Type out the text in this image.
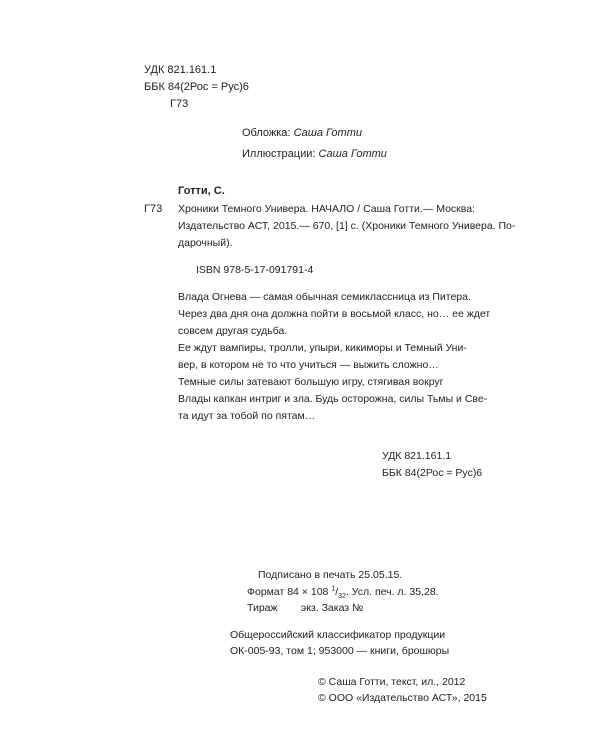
УДК 821.161.1
ББК 84(2Рос = Рус)6
Г73
Обложка: Саша Готти
Иллюстрации: Саша Готти
Готти, С.
Г73 Хроники Темного Универа. НАЧАЛО / Саша Готти.— Москва:
Издательство АСТ, 2015.— 670, [1] с. (Хроники Темного Универа. По-
дарочный).
ISBN 978-5-17-091791-4
Влада Огнева — самая обычная семиклассница из Питера.
Через два дня она должна пойти в восьмой класс, но… ее ждет
совсем другая судьба.
Ее ждут вампиры, тролли, упыри, кикиморы и Темный Уни-
вер, в котором не то что учиться — выжить сложно…
Темные силы затевают большую игру, стягивая вокруг
Влады капкан интриг и зла. Будь осторожна, силы Тьмы и Све-
та идут за тобой по пятам…
УДК 821.161.1
ББК 84(2Рос = Рус)6
Подписано в печать 25.05.15.
Формат 84 × 108 $^1/_{32}$. Усл. печ. л. 35,28.
Тираж        экз. Заказ №
Общероссийский классификатор продукции
ОК-005-93, том 1; 953000 — книги, брошюры
© Саша Готти, текст, ил., 2012
© ООО «Издательство АСТ», 2015
